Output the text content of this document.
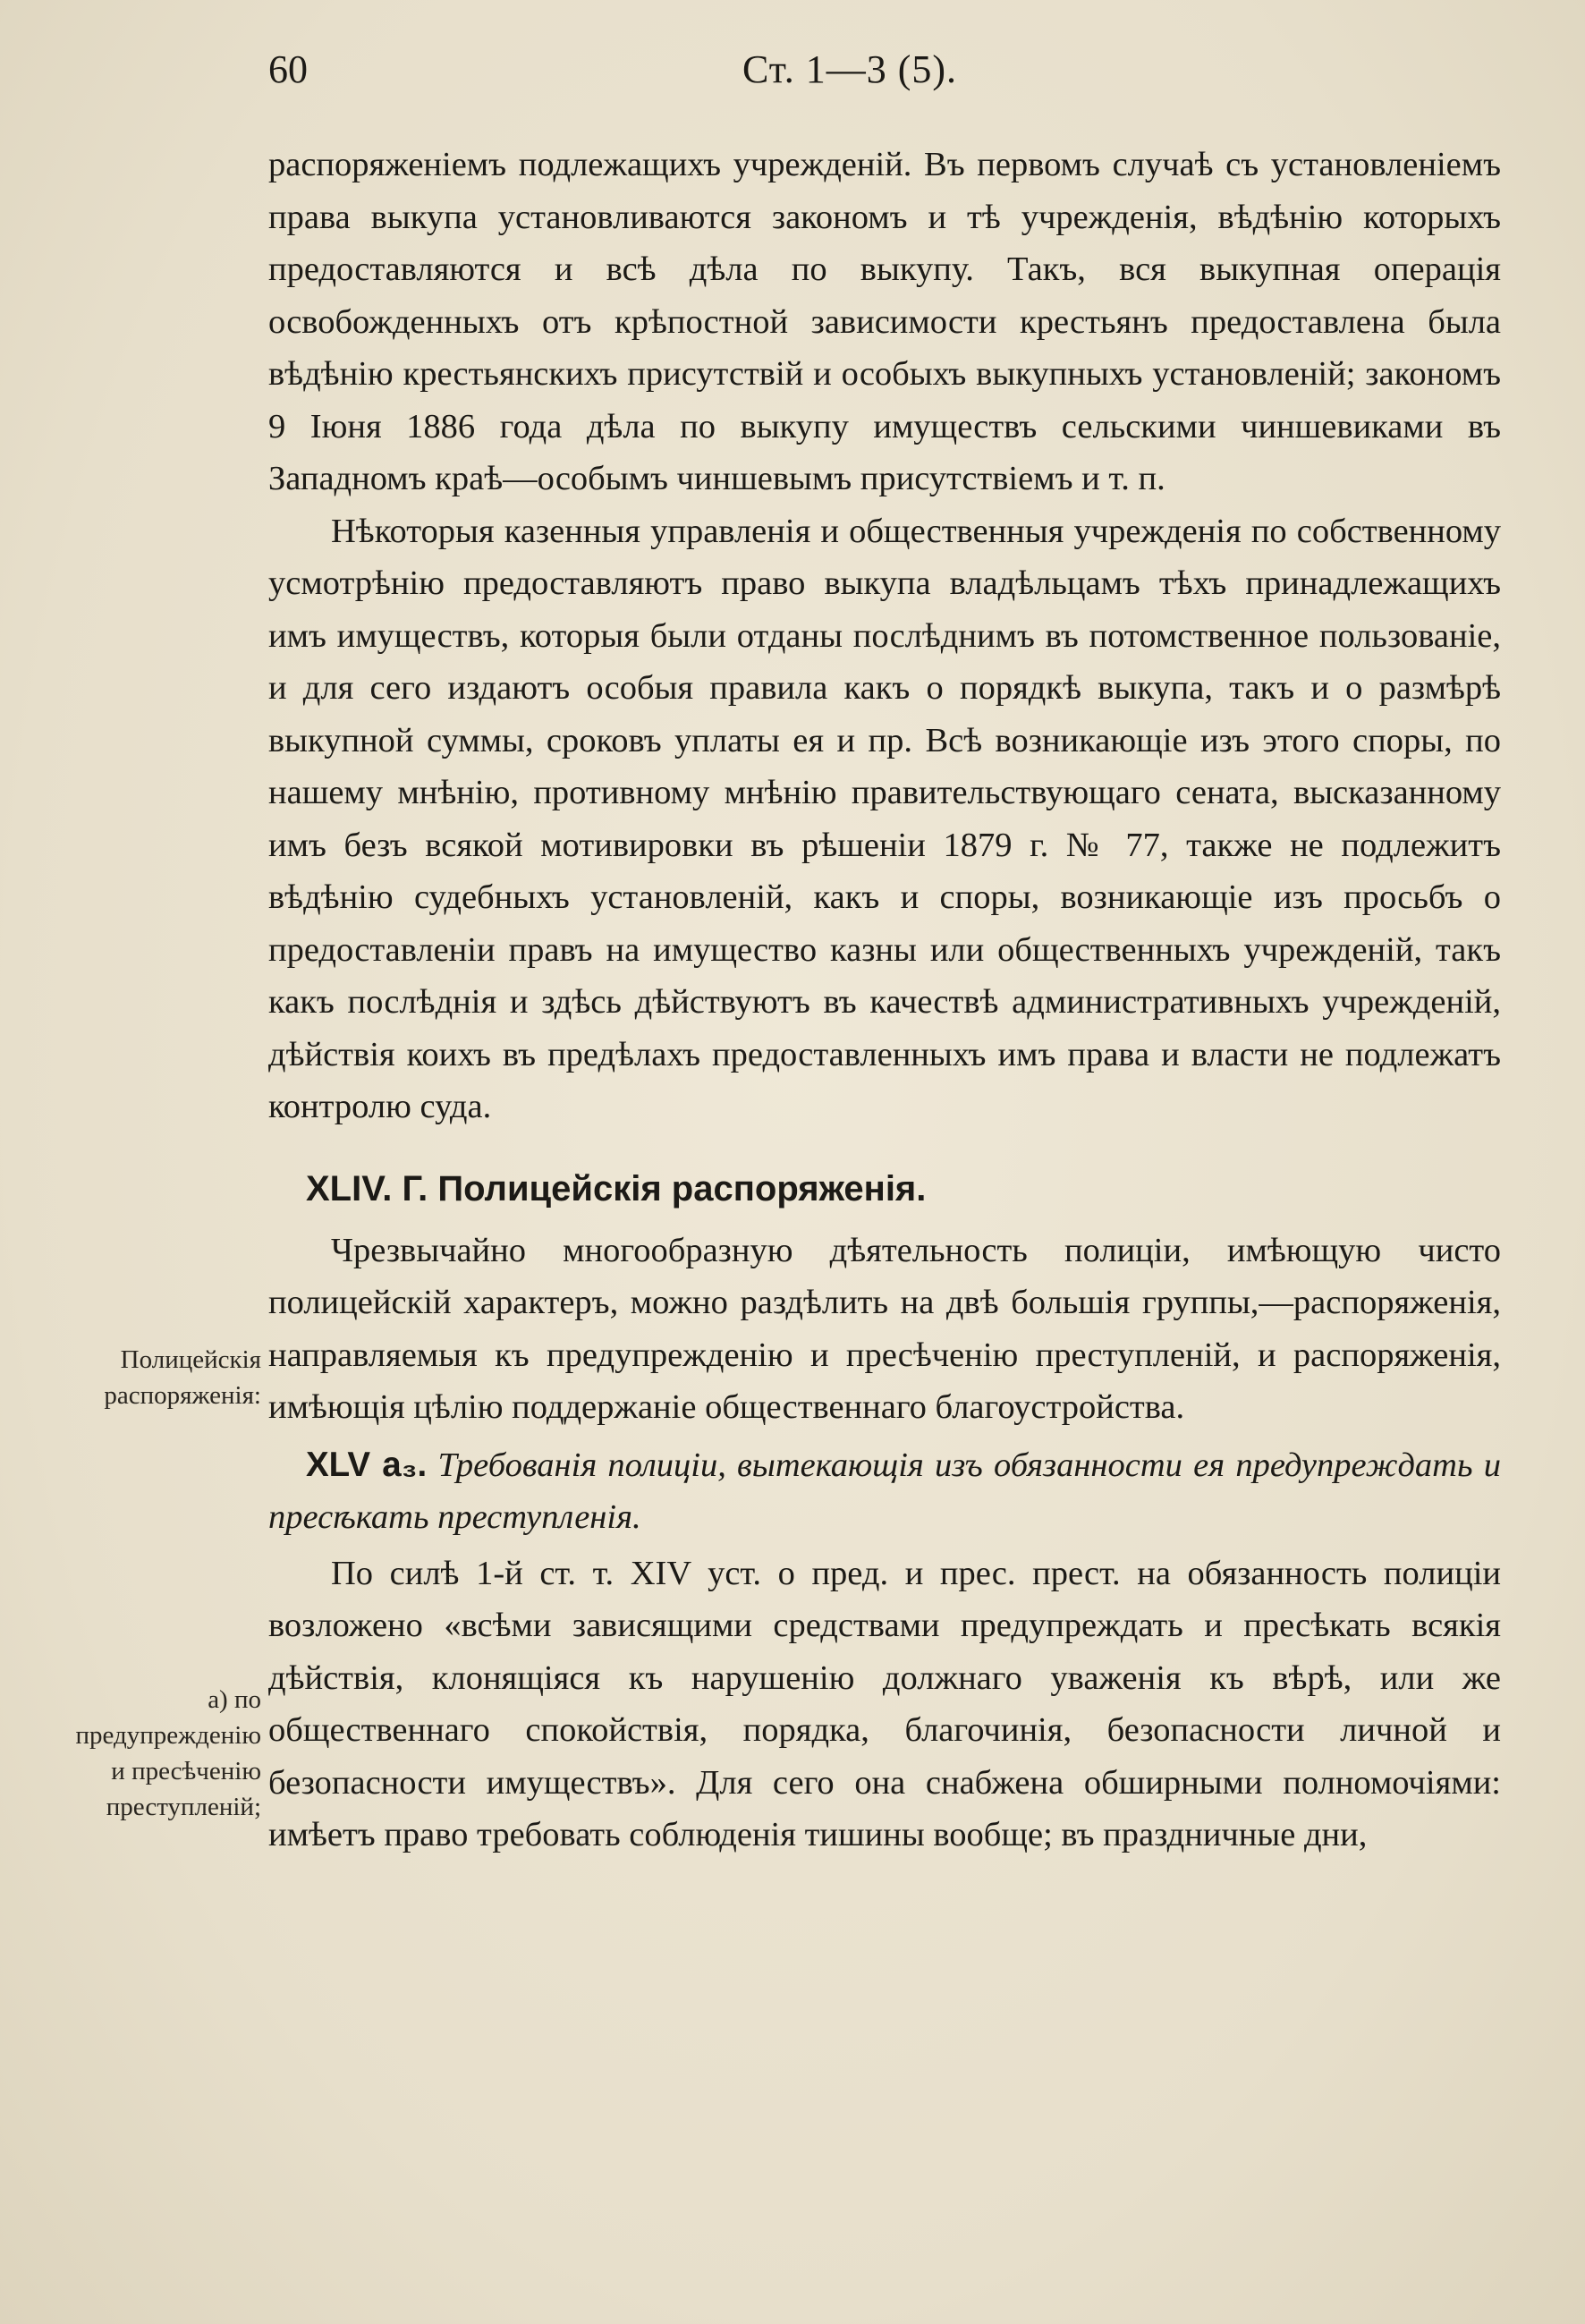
60	Ст. 1—3 (5).
Полицейскія распоряженія:
а) по предупрежденію и пресѣченію преступленій;

распоряженіемъ подлежащихъ учрежденій. Въ первомъ случаѣ съ установленіемъ права выкупа установливаются закономъ и тѣ учрежденія, вѣдѣнію которыхъ предоставляются и всѣ дѣла по выкупу. Такъ, вся выкупная операція освобожденныхъ отъ крѣпостной зависимости крестьянъ предоставлена была вѣдѣнію крестьянскихъ присутствій и особыхъ выкупныхъ установленій; закономъ 9 Іюня 1886 года дѣла по выкупу имуществъ сельскими чиншевиками въ Западномъ краѣ—особымъ чиншевымъ присутствіемъ и т. п.

Нѣкоторыя казенныя управленія и общественныя учрежденія по собственному усмотрѣнію предоставляютъ право выкупа владѣльцамъ тѣхъ принадлежащихъ имъ имуществъ, которыя были отданы послѣднимъ въ потомственное пользованіе, и для сего издаютъ особыя правила какъ о порядкѣ выкупа, такъ и о размѣрѣ выкупной суммы, сроковъ уплаты ея и пр. Всѣ возникающіе изъ этого споры, по нашему мнѣнію, противному мнѣнію правительствующаго сената, высказанному имъ безъ всякой мотивировки въ рѣшеніи 1879 г. № 77, также не подлежитъ вѣдѣнію судебныхъ установленій, какъ и споры, возникающіе изъ просьбъ о предоставленіи правъ на имущество казны или общественныхъ учрежденій, такъ какъ послѣднія и здѣсь дѣйствуютъ въ качествѣ административныхъ учрежденій, дѣйствія коихъ въ предѣлахъ предоставленныхъ имъ права и власти не подлежатъ контролю суда.

XLIV. Г. Полицейскія распоряженія.

Чрезвычайно многообразную дѣятельность полиціи, имѣющую чисто полицейскій характеръ, можно раздѣлить на двѣ большія группы,—распоряженія, направляемыя къ предупрежденію и пресѣченію преступленій, и распоряженія, имѣющія цѣлію поддержаніе общественнаго благоустройства.

XLV а₃. Требованія полиціи, вытекающія изъ обязанности ея предупреждать и пресѣкать преступленія.

По силѣ 1-й ст. т. XIV уст. о пред. и прес. прест. на обязанность полиціи возложено «всѣми зависящими средствами предупреждать и пресѣкать всякія дѣйствія, клонящіяся къ нарушенію должнаго уваженія къ вѣрѣ, или же общественнаго спокойствія, порядка, благочинія, безопасности личной и безопасности имуществъ». Для сего она снабжена обширными полномочіями: имѣетъ право требовать соблюденія тишины вообще; въ праздничные дни,
